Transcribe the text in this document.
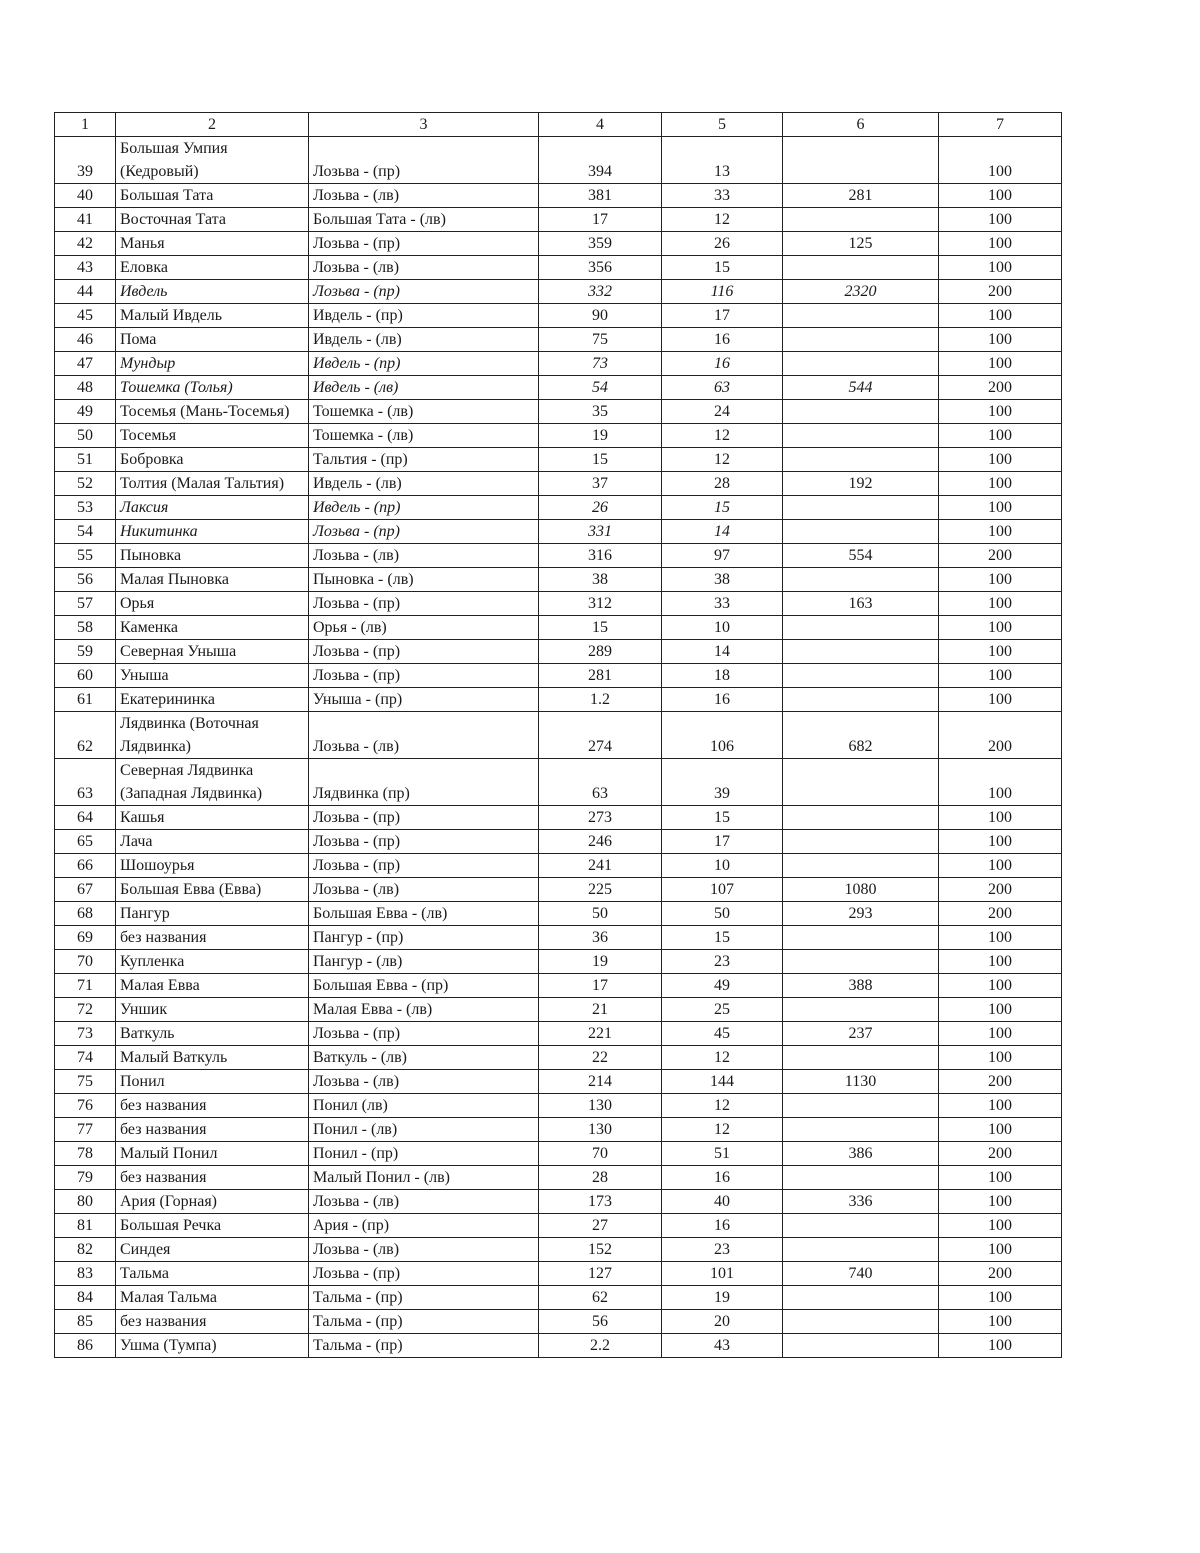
1	2	3	4	5	6	7
39	Большая Умпия (Кедровый)	Лозьва - (пр)	394	13		100
40	Большая Тата	Лозьва - (лв)	381	33	281	100
41	Восточная Тата	Большая Тата - (лв)	17	12		100
42	Манья	Лозьва - (пр)	359	26	125	100
43	Еловка	Лозьва - (лв)	356	15		100
44	Ивдель	Лозьва - (пр)	332	116	2320	200
45	Малый Ивдель	Ивдель - (пр)	90	17		100
46	Пома	Ивдель - (лв)	75	16		100
47	Мундыр	Ивдель - (пр)	73	16		100
48	Тошемка (Толья)	Ивдель - (лв)	54	63	544	200
49	Тосемья (Мань-Тосемья)	Тошемка - (лв)	35	24		100
50	Тосемья	Тошемка - (лв)	19	12		100
51	Бобровка	Тальтия - (пр)	15	12		100
52	Толтия (Малая Тальтия)	Ивдель - (лв)	37	28	192	100
53	Лаксия	Ивдель - (пр)	26	15		100
54	Никитинка	Лозьва - (пр)	331	14		100
55	Пыновка	Лозьва - (лв)	316	97	554	200
56	Малая Пыновка	Пыновка - (лв)	38	38		100
57	Орья	Лозьва - (пр)	312	33	163	100
58	Каменка	Орья - (лв)	15	10		100
59	Северная Уныша	Лозьва - (пр)	289	14		100
60	Уныша	Лозьва - (пр)	281	18		100
61	Екатерининка	Уныша - (пр)	1.2	16		100
62	Лядвинка (Воточная Лядвинка)	Лозьва - (лв)	274	106	682	200
63	Северная Лядвинка (Западная Лядвинка)	Лядвинка (пр)	63	39		100
64	Кашья	Лозьва - (пр)	273	15		100
65	Лача	Лозьва - (пр)	246	17		100
66	Шошоурья	Лозьва - (пр)	241	10		100
67	Большая Евва (Евва)	Лозьва - (лв)	225	107	1080	200
68	Пангур	Большая Евва - (лв)	50	50	293	200
69	без названия	Пангур - (пр)	36	15		100
70	Купленка	Пангур - (лв)	19	23		100
71	Малая Евва	Большая Евва - (пр)	17	49	388	100
72	Уншик	Малая Евва - (лв)	21	25		100
73	Ваткуль	Лозьва - (пр)	221	45	237	100
74	Малый Ваткуль	Ваткуль - (лв)	22	12		100
75	Понил	Лозьва - (лв)	214	144	1130	200
76	без названия	Понил (лв)	130	12		100
77	без названия	Понил - (лв)	130	12		100
78	Малый Понил	Понил - (пр)	70	51	386	200
79	без названия	Малый Понил - (лв)	28	16		100
80	Ария (Горная)	Лозьва - (лв)	173	40	336	100
81	Большая Речка	Ария - (пр)	27	16		100
82	Синдея	Лозьва - (лв)	152	23		100
83	Тальма	Лозьва - (пр)	127	101	740	200
84	Малая Тальма	Тальма - (пр)	62	19		100
85	без названия	Тальма - (пр)	56	20		100
86	Ушма (Тумпа)	Тальма - (пр)	2.2	43		100
